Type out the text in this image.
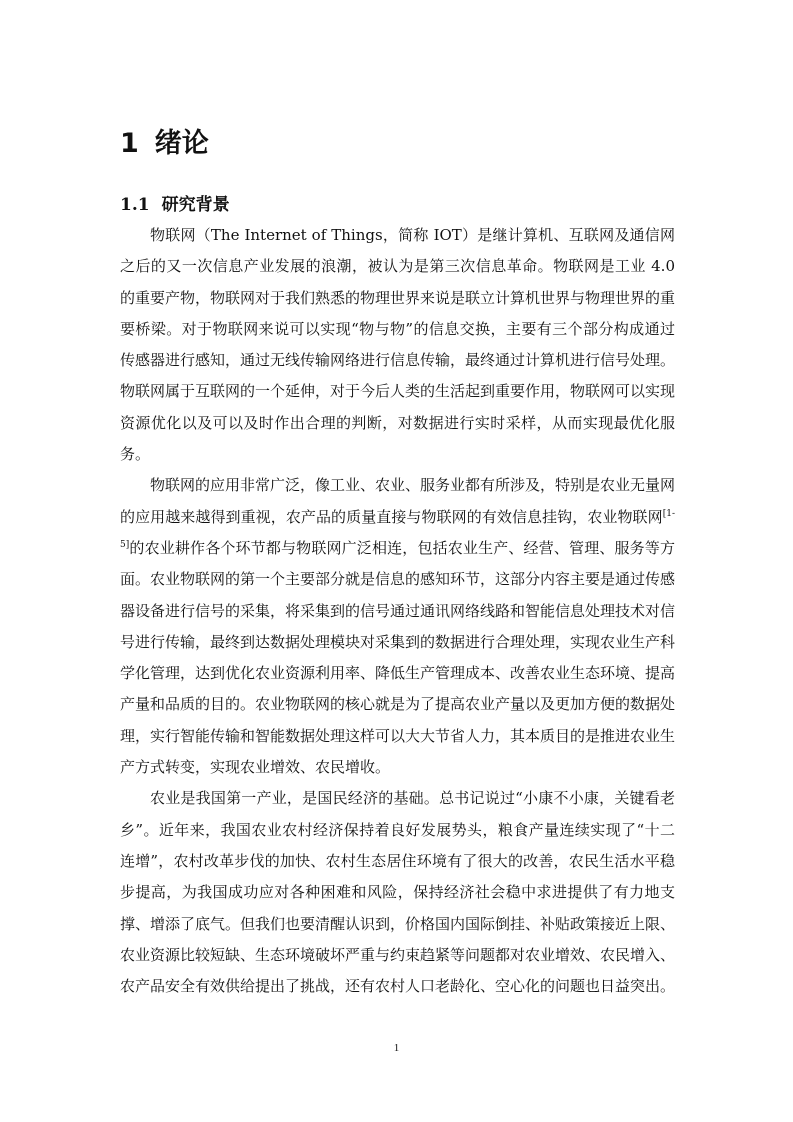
1 绪论
1.1 研究背景

物联网（The Internet of Things，简称 IOT）是继计算机、互联网及通信网之后的又一次信息产业发展的浪潮，被认为是第三次信息革命。物联网是工业 4.0 的重要产物，物联网对于我们熟悉的物理世界来说是联立计算机世界与物理世界的重要桥梁。对于物联网来说可以实现“物与物”的信息交换，主要有三个部分构成通过传感器进行感知，通过无线传输网络进行信息传输，最终通过计算机进行信号处理。物联网属于互联网的一个延伸，对于今后人类的生活起到重要作用，物联网可以实现资源优化以及可以及时作出合理的判断，对数据进行实时采样，从而实现最优化服务。

物联网的应用非常广泛，像工业、农业、服务业都有所涉及，特别是农业无量网的应用越来越得到重视，农产品的质量直接与物联网的有效信息挂钩，农业物联网[1-5]的农业耕作各个环节都与物联网广泛相连，包括农业生产、经营、管理、服务等方面。农业物联网的第一个主要部分就是信息的感知环节，这部分内容主要是通过传感器设备进行信号的采集，将采集到的信号通过通讯网络线路和智能信息处理技术对信号进行传输，最终到达数据处理模块对采集到的数据进行合理处理，实现农业生产科学化管理，达到优化农业资源利用率、降低生产管理成本、改善农业生态环境、提高产量和品质的目的。农业物联网的核心就是为了提高农业产量以及更加方便的数据处理，实行智能传输和智能数据处理这样可以大大节省人力，其本质目的是推进农业生产方式转变，实现农业增效、农民增收。

农业是我国第一产业，是国民经济的基础。总书记说过“小康不小康，关键看老乡”。近年来，我国农业农村经济保持着良好发展势头，粮食产量连续实现了“十二连增”，农村改革步伐的加快、农村生态居住环境有了很大的改善，农民生活水平稳步提高，为我国成功应对各种困难和风险，保持经济社会稳中求进提供了有力地支撑、增添了底气。但我们也要清醒认识到，价格国内国际倒挂、补贴政策接近上限、农业资源比较短缺、生态环境破坏严重与约束趋紧等问题都对农业增效、农民增入、农产品安全有效供给提出了挑战，还有农村人口老龄化、空心化的问题也日益突出。

1
